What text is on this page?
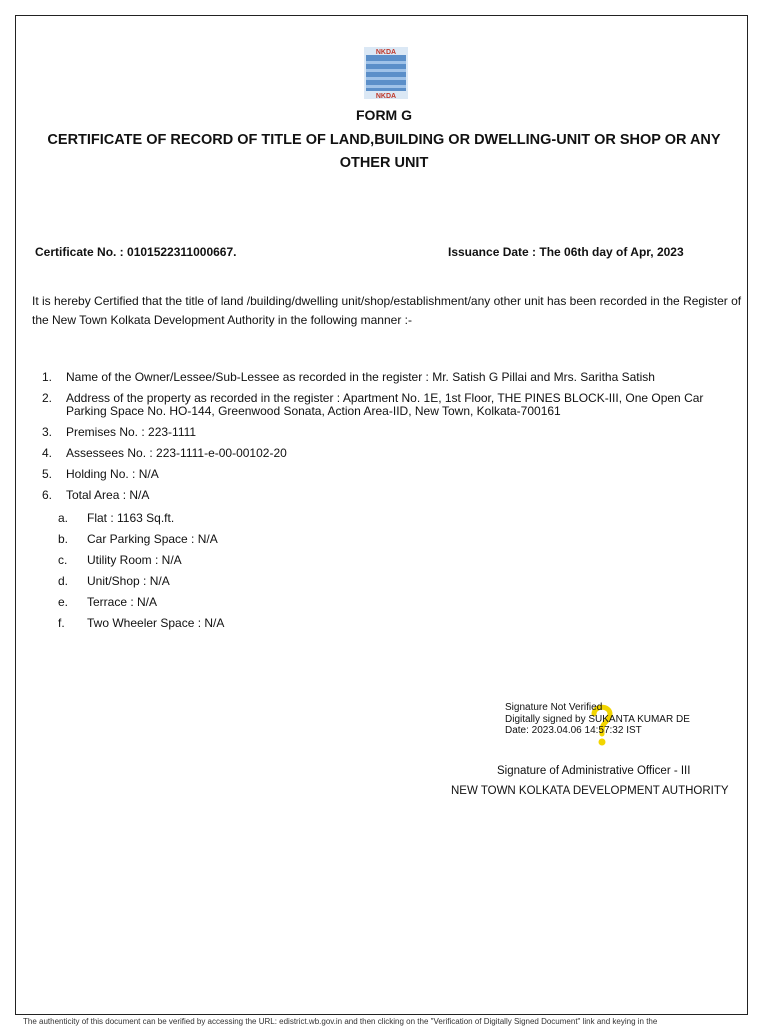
NKDA
NKDA
FORM G
CERTIFICATE OF RECORD OF TITLE OF LAND,BUILDING OR DWELLING-UNIT OR SHOP OR ANY OTHER UNIT
Certificate No. : 0101522311000667.	Issuance Date : The 06th day of Apr, 2023
It is hereby Certified that the title of land /building/dwelling unit/shop/establishment/any other unit has been recorded in the Register of the New Town Kolkata Development Authority in the following manner :-
1.	Name of the Owner/Lessee/Sub-Lessee as recorded in the register : Mr. Satish G Pillai and Mrs. Saritha Satish
2.	Address of the property as recorded in the register : Apartment No. 1E, 1st Floor, THE PINES BLOCK-III, One Open Car Parking Space No. HO-144, Greenwood Sonata, Action Area-IID, New Town, Kolkata-700161
3.	Premises No. : 223-1111
4.	Assessees No. : 223-1111-e-00-00102-20
5.	Holding No. : N/A
6.	Total Area : N/A
a.	Flat : 1163 Sq.ft.
b.	Car Parking Space : N/A
c.	Utility Room : N/A
d.	Unit/Shop : N/A
e.	Terrace : N/A
f.	Two Wheeler Space : N/A
Signature Not Verified
Digitally signed by SUKANTA KUMAR DE
Date: 2023.04.06 14:57:32 IST
Signature of Administrative Officer - III
NEW TOWN KOLKATA DEVELOPMENT AUTHORITY
The authenticity of this document can be verified by accessing the URL: edistrict.wb.gov.in and then clicking on the "Verification of Digitally Signed Document" link and keying in the
